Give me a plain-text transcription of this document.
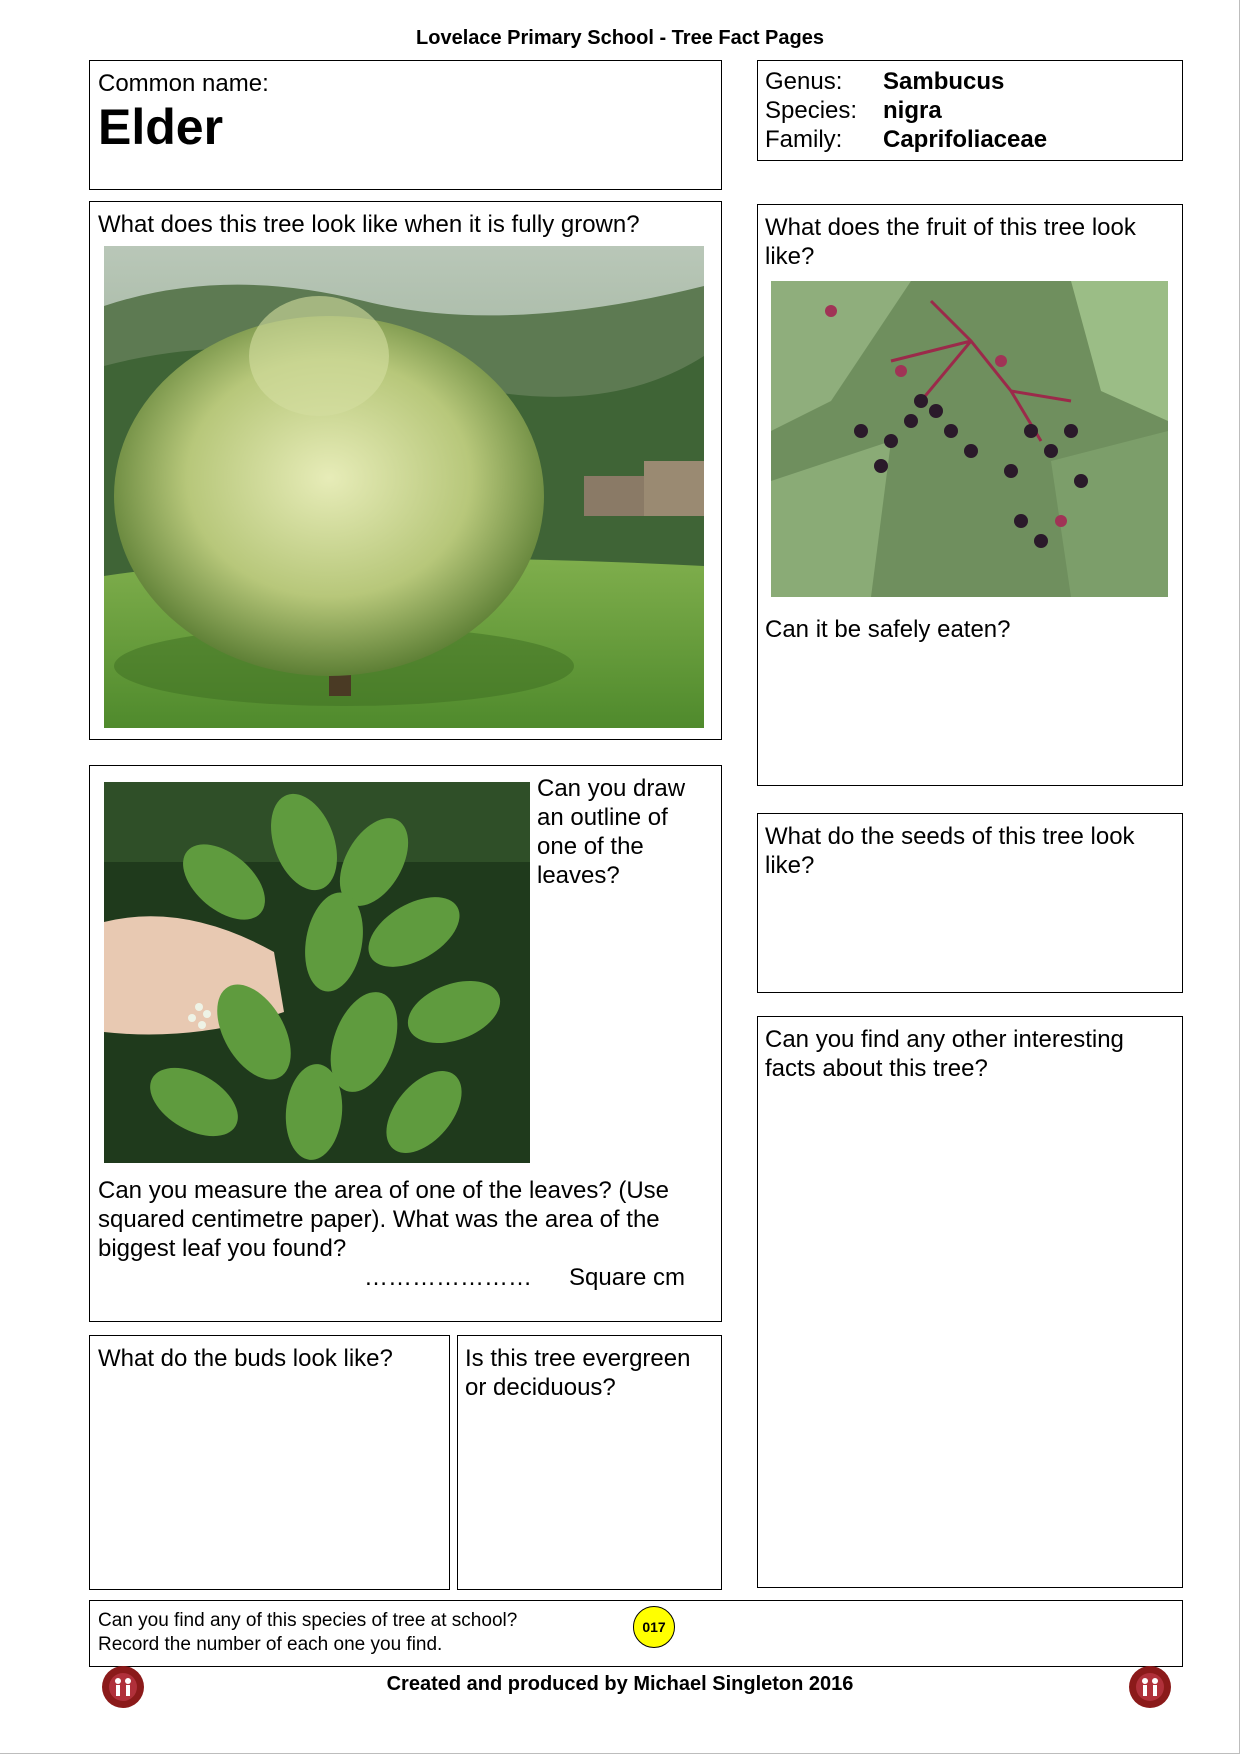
Lovelace Primary School - Tree Fact Pages
Common name:
Elder
Genus: Sambucus
Species: nigra
Family: Caprifoliaceae
What does this tree look like when it is fully grown?	What does the fruit of this tree look like?
Can it be safely eaten?
Can you draw an outline of one of the leaves?
Can you measure the area of one of the leaves? (Use squared centimetre paper). What was the area of the biggest leaf you found?
………………… Square cm
What do the seeds of this tree look like?
Can you find any other interesting facts about this tree?
What do the buds look like?	Is this tree evergreen or deciduous?
Can you find any of this species of tree at school?
Record the number of each one you find.
017
Created and produced by Michael Singleton 2016
